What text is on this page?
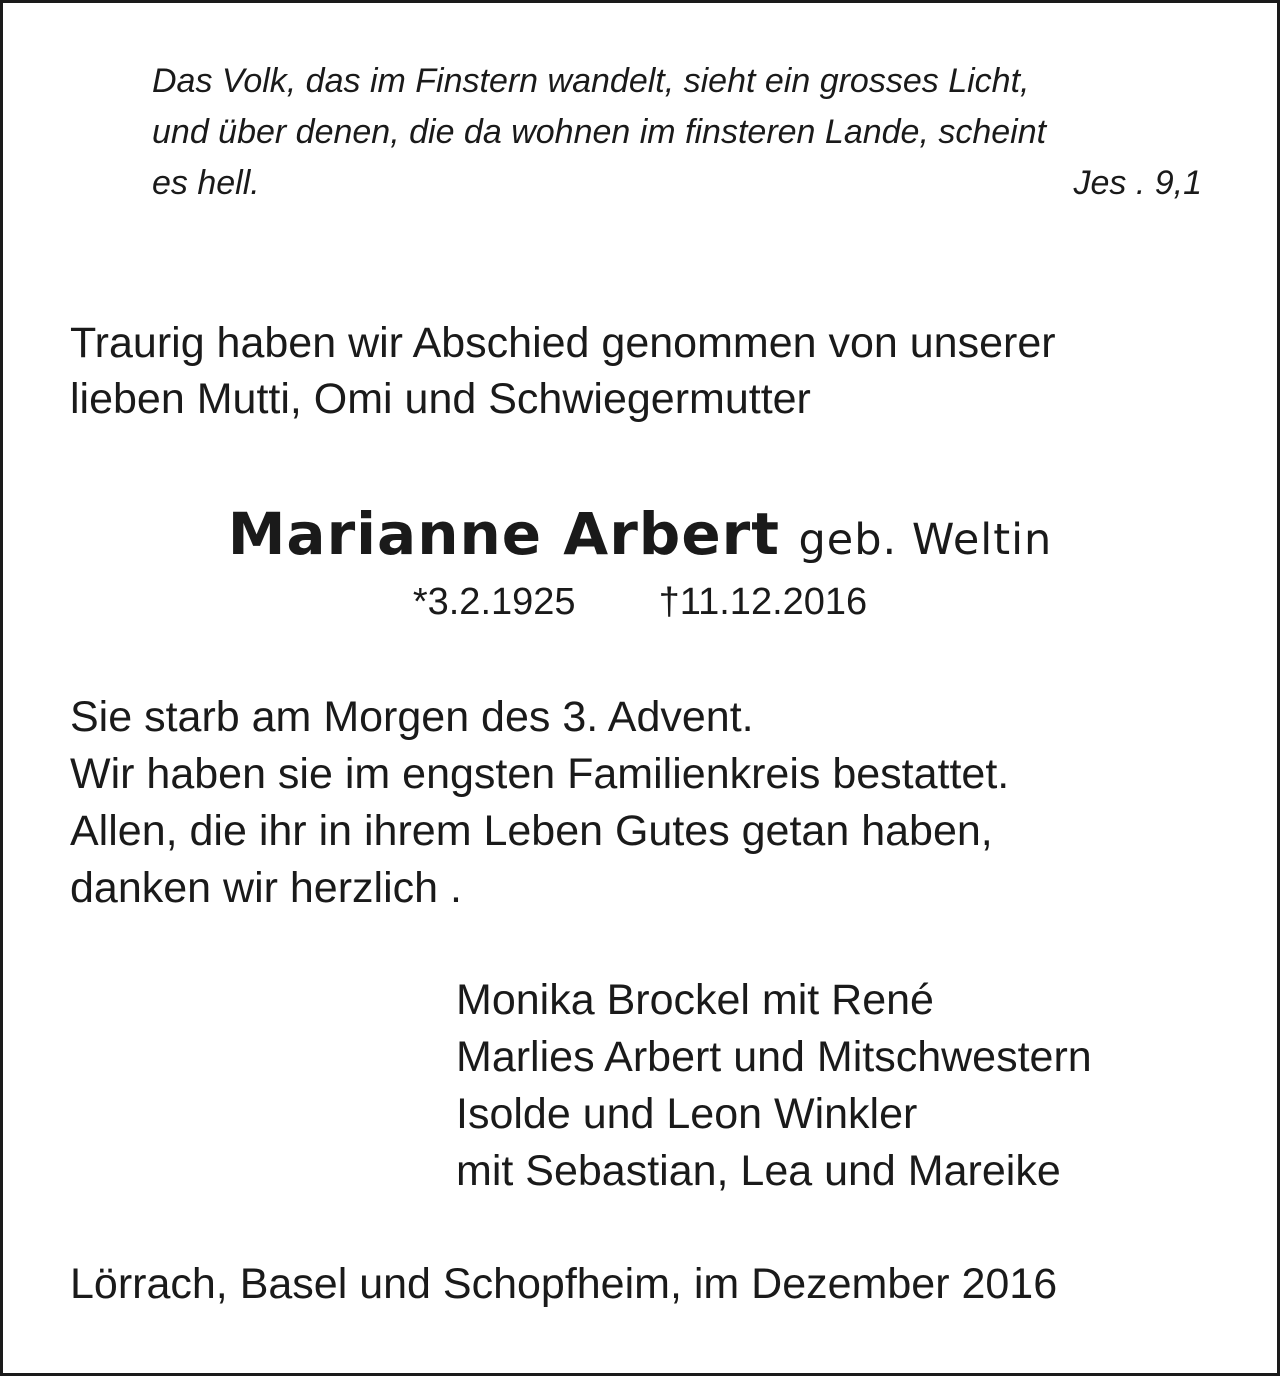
Das Volk, das im Finstern wandelt, sieht ein grosses Licht,
und über denen, die da wohnen im finsteren Lande, scheint
es hell.	Jes . 9,1
Traurig haben wir Abschied genommen von unserer
lieben Mutti, Omi und Schwiegermutter
Marianne Arbert geb. Weltin
*3.2.1925 †11.12.2016
Sie starb am Morgen des 3. Advent.
Wir haben sie im engsten Familienkreis bestattet.
Allen, die ihr in ihrem Leben Gutes getan haben,
danken wir herzlich .
Monika Brockel mit René
Marlies Arbert und Mitschwestern
Isolde und Leon Winkler
mit Sebastian, Lea und Mareike
Lörrach, Basel und Schopfheim, im Dezember 2016
